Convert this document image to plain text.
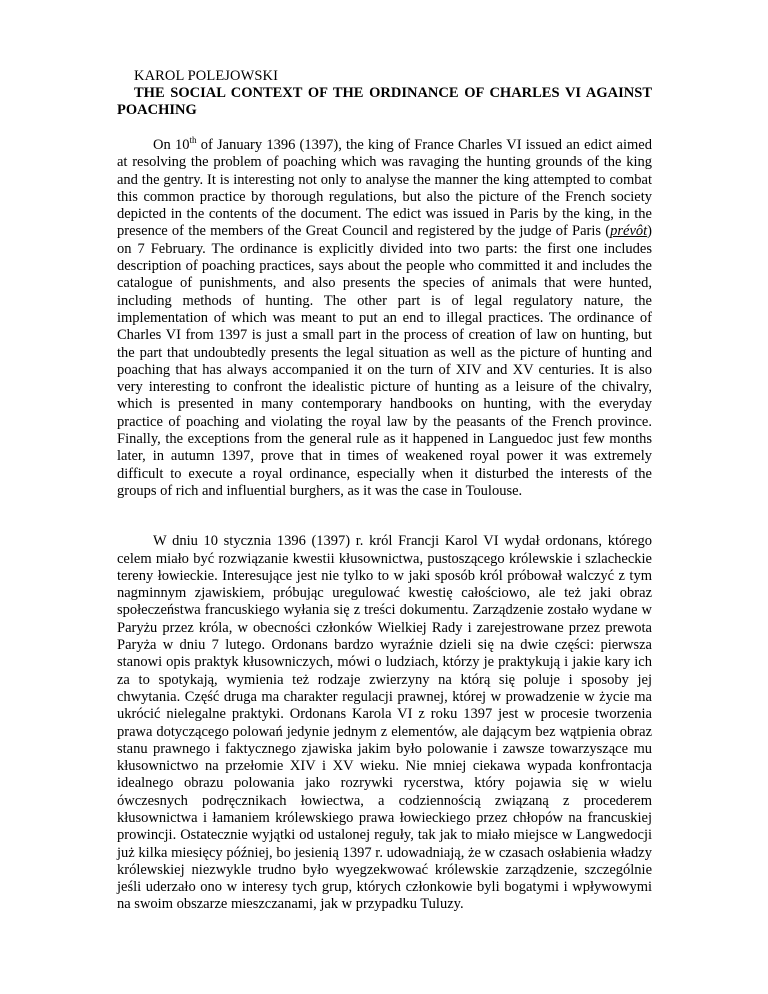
KAROL POLEJOWSKI
THE SOCIAL CONTEXT OF THE ORDINANCE OF CHARLES VI AGAINST POACHING

On 10th of January 1396 (1397), the king of France Charles VI issued an edict aimed at resolving the problem of poaching which was ravaging the hunting grounds of the king and the gentry. It is interesting not only to analyse the manner the king attempted to combat this common practice by thorough regulations, but also the picture of the French society depicted in the contents of the document. The edict was issued in Paris by the king, in the presence of the members of the Great Council and registered by the judge of Paris (prévôt) on 7 February. The ordinance is explicitly divided into two parts: the first one includes description of poaching practices, says about the people who committed it and includes the catalogue of punishments, and also presents the species of animals that were hunted, including methods of hunting. The other part is of legal regulatory nature, the implementation of which was meant to put an end to illegal practices. The ordinance of Charles VI from 1397 is just a small part in the process of creation of law on hunting, but the part that undoubtedly presents the legal situation as well as the picture of hunting and poaching that has always accompanied it on the turn of XIV and XV centuries. It is also very interesting to confront the idealistic picture of hunting as a leisure of the chivalry, which is presented in many contemporary handbooks on hunting, with the everyday practice of poaching and violating the royal law by the peasants of the French province. Finally, the exceptions from the general rule as it happened in Languedoc just few months later, in autumn 1397, prove that in times of weakened royal power it was extremely difficult to execute a royal ordinance, especially when it disturbed the interests of the groups of rich and influential burghers, as it was the case in Toulouse.

W dniu 10 stycznia 1396 (1397) r. król Francji Karol VI wydał ordonans, którego celem miało być rozwiązanie kwestii kłusownictwa, pustoszącego królewskie i szlacheckie tereny łowieckie. Interesujące jest nie tylko to w jaki sposób król próbował walczyć z tym nagminnym zjawiskiem, próbując uregulować kwestię całościowo, ale też jaki obraz społeczeństwa francuskiego wyłania się z treści dokumentu. Zarządzenie zostało wydane w Paryżu przez króla, w obecności członków Wielkiej Rady i zarejestrowane przez prewota Paryża w dniu 7 lutego. Ordonans bardzo wyraźnie dzieli się na dwie części: pierwsza stanowi opis praktyk kłusowniczych, mówi o ludziach, którzy je praktykują i jakie kary ich za to spotykają, wymienia też rodzaje zwierzyny na którą się poluje i sposoby jej chwytania. Część druga ma charakter regulacji prawnej, której w prowadzenie w życie ma ukrócić nielegalne praktyki. Ordonans Karola VI z roku 1397 jest w procesie tworzenia prawa dotyczącego polowań jedynie jednym z elementów, ale dającym bez wątpienia obraz stanu prawnego i faktycznego zjawiska jakim było polowanie i zawsze towarzyszące mu kłusownictwo na przełomie XIV i XV wieku. Nie mniej ciekawa wypada konfrontacja idealnego obrazu polowania jako rozrywki rycerstwa, który pojawia się w wielu ówczesnych podręcznikach łowiectwa, a codziennością związaną z procederem kłusownictwa i łamaniem królewskiego prawa łowieckiego przez chłopów na francuskiej prowincji. Ostatecznie wyjątki od ustalonej reguły, tak jak to miało miejsce w Langwedocji już kilka miesięcy później, bo jesienią 1397 r. udowadniają, że w czasach osłabienia władzy królewskiej niezwykle trudno było wyegzekwować królewskie zarządzenie, szczególnie jeśli uderzało ono w interesy tych grup, których członkowie byli bogatymi i wpływowymi na swoim obszarze mieszczanami, jak w przypadku Tuluzy.
